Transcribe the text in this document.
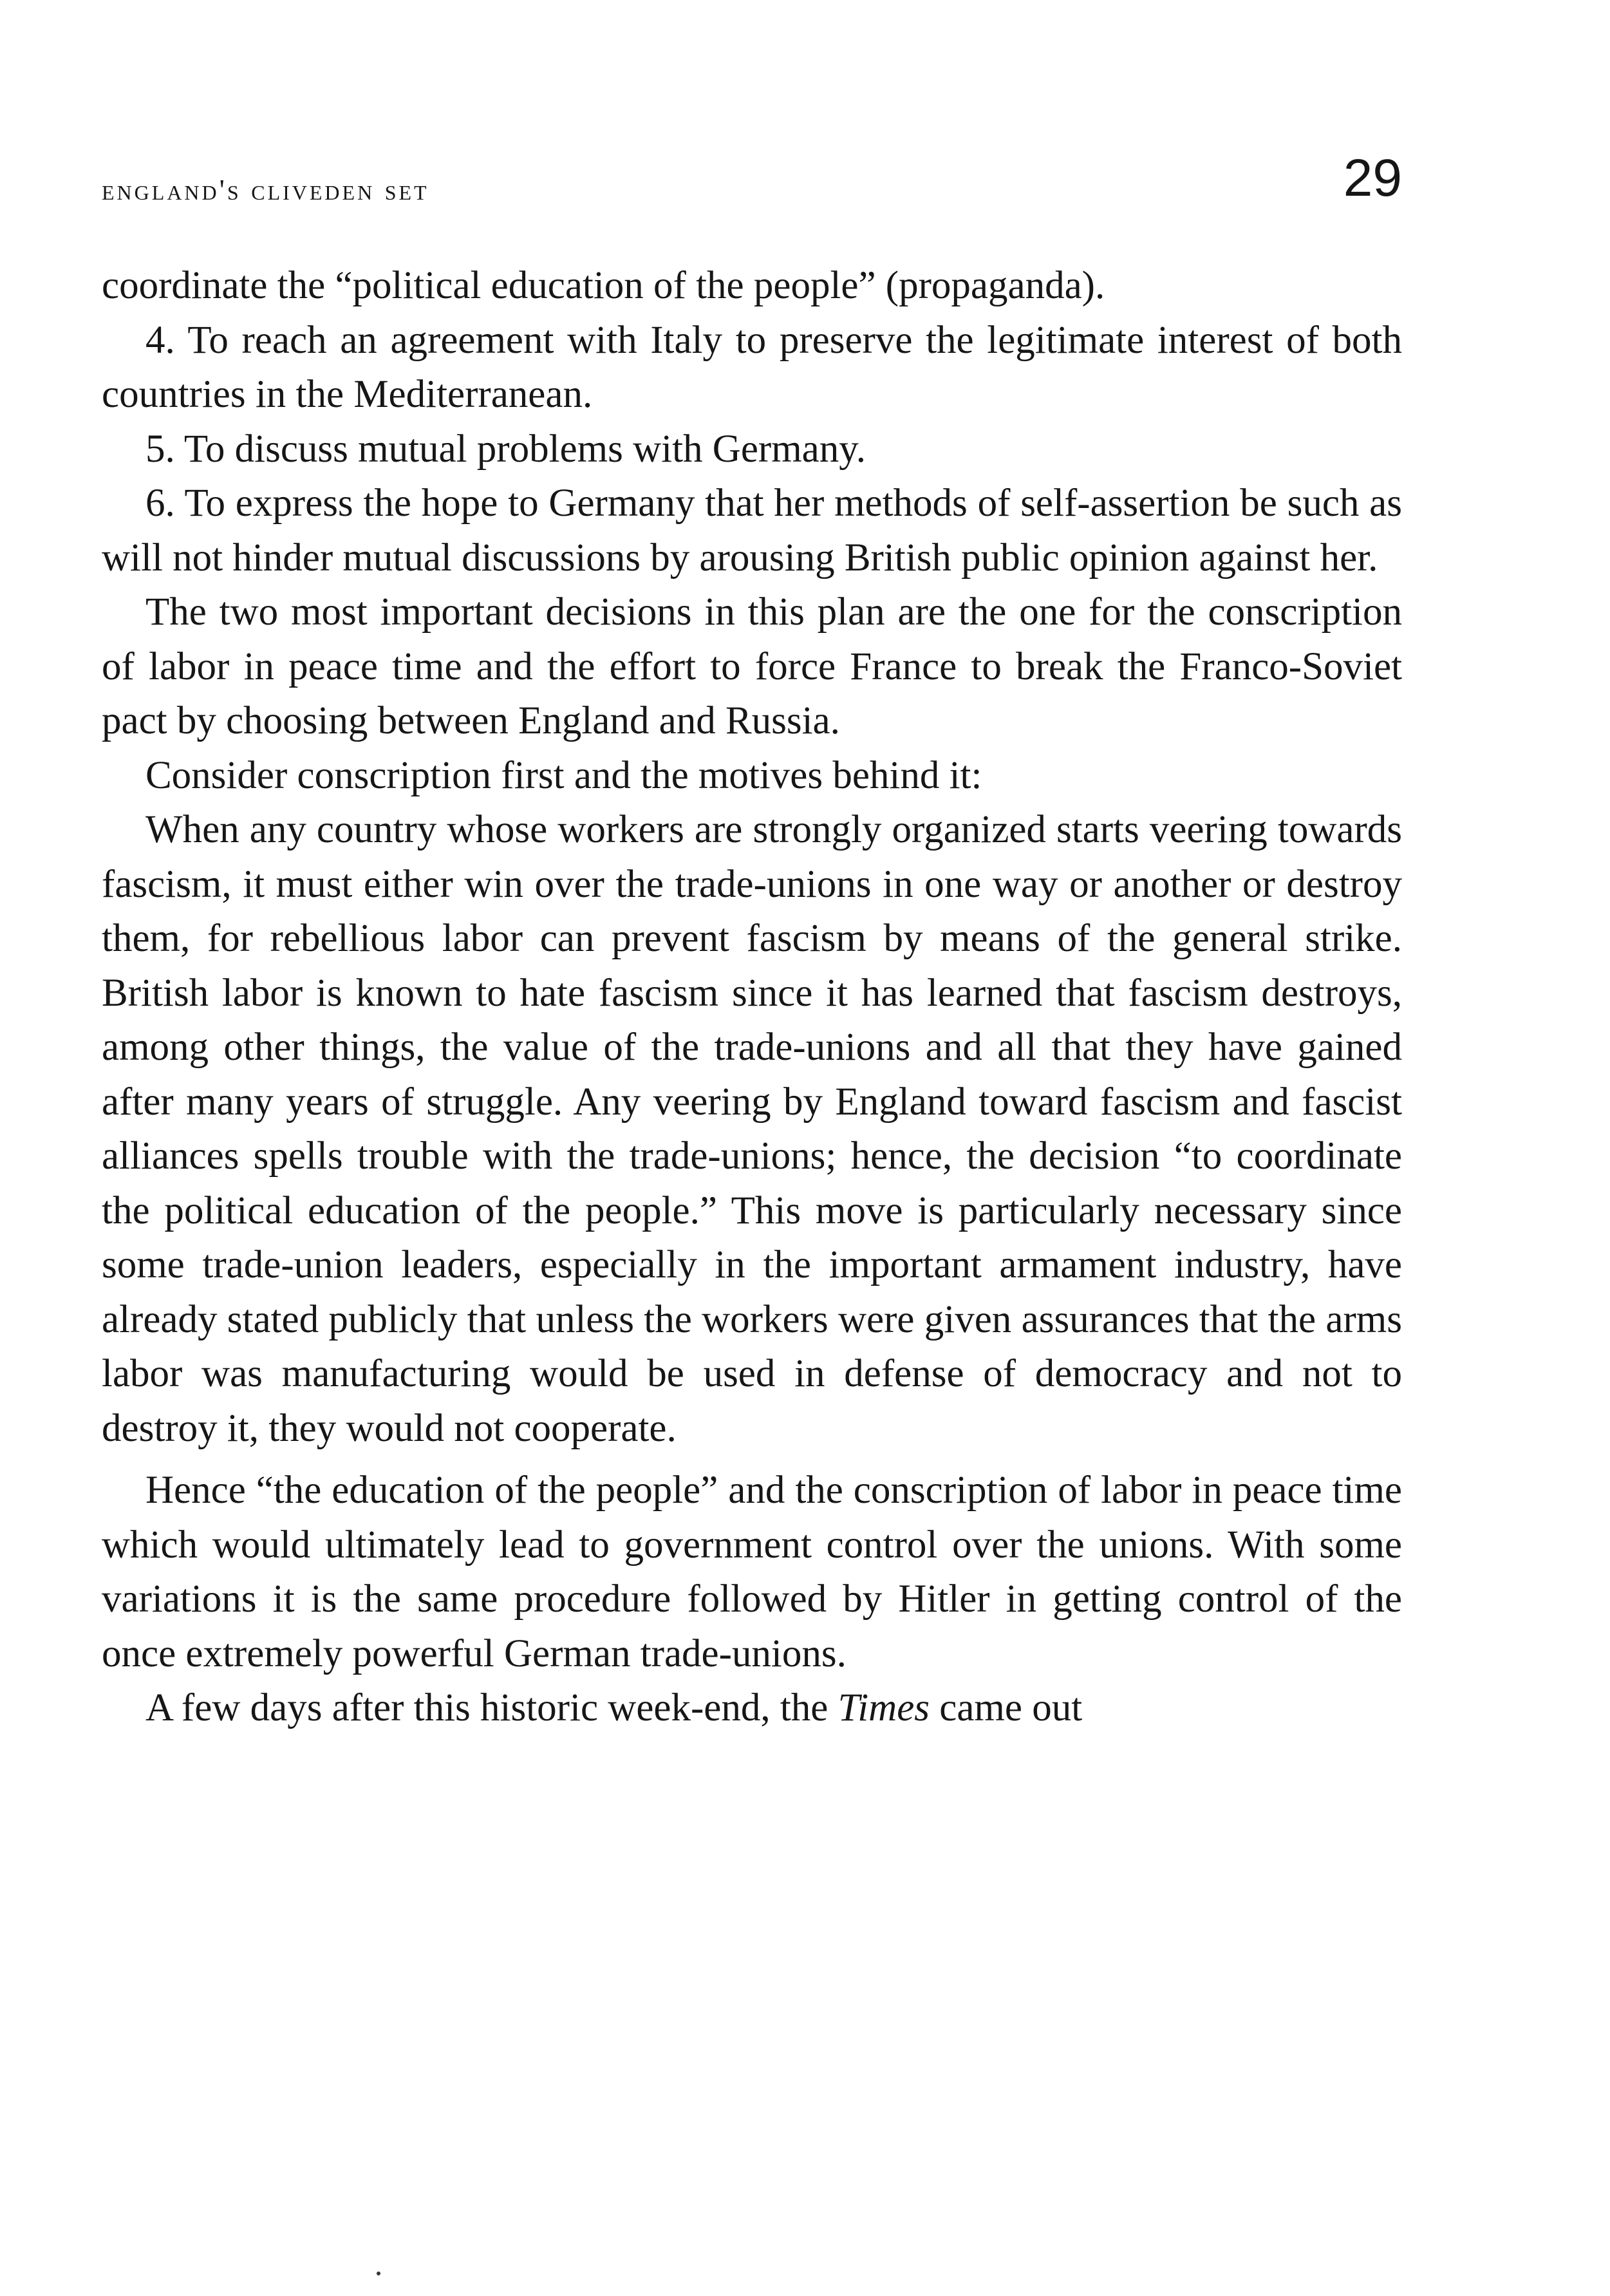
england's cliveden set	29

coordinate the “political education of the people” (propaganda).

4. To reach an agreement with Italy to preserve the legitimate interest of both countries in the Mediterranean.

5. To discuss mutual problems with Germany.

6. To express the hope to Germany that her methods of self-assertion be such as will not hinder mutual discussions by arousing British public opinion against her.

The two most important decisions in this plan are the one for the conscription of labor in peace time and the effort to force France to break the Franco-Soviet pact by choosing between England and Russia.

Consider conscription first and the motives behind it:

When any country whose workers are strongly organized starts veering towards fascism, it must either win over the trade-unions in one way or another or destroy them, for rebellious labor can prevent fascism by means of the general strike. British labor is known to hate fascism since it has learned that fascism destroys, among other things, the value of the trade-unions and all that they have gained after many years of struggle. Any veering by England toward fascism and fascist alliances spells trouble with the trade-unions; hence, the decision “to coordinate the political education of the people.” This move is particularly necessary since some trade-union leaders, especially in the important armament industry, have already stated publicly that unless the workers were given assurances that the arms labor was manufacturing would be used in defense of democracy and not to destroy it, they would not cooperate.

Hence “the education of the people” and the conscription of labor in peace time which would ultimately lead to government control over the unions. With some variations it is the same procedure followed by Hitler in getting control of the once extremely powerful German trade-unions.

A few days after this historic week-end, the Times came out
